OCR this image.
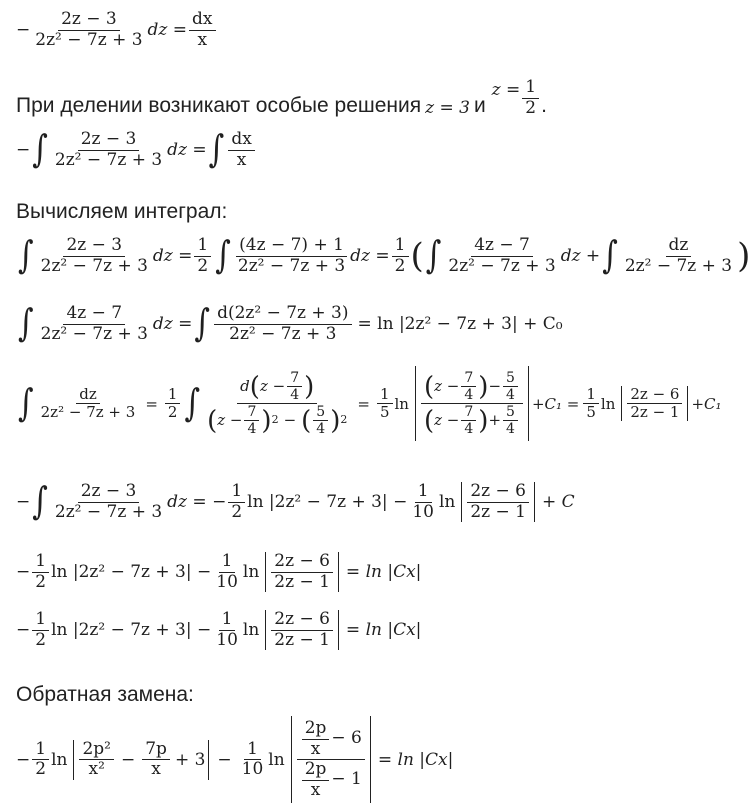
− $\frac{2z - 3}{\text{2z² − 7z + 3}}$ dz = $\frac{dx}{x}$
При делении возникают особые решения z = 3 и
$z = \frac{1}{2}$ .
− ∫ $\frac{2z - 3}{\text{2z² − 7z + 3}}$ dz = ∫ $\frac{dx}{x}$
Вычисляем интеграл:
∫ $\frac{2z - 3}{\text{2z² − 7z + 3}}$ dz = $\frac{1}{2}$ ∫ $\frac{(4z - 7) + 1}{\text{2z² − 7z + 3}}$ dz = $\frac{1}{2}$ ( ∫ $\frac{4z - 7}{\text{2z² − 7z + 3}}$ dz + ∫ $\frac{dz}{\text{2z² − 7z + 3}}$ )
∫ $\frac{4z - 7}{\text{2z² − 7z + 3}}$ dz = ∫ $\frac{\text{d(2z² − 7z + 3)}}{\text{2z² − 7z + 3}} = \ln |2z^2 - 7z + 3| + C_0$
∫ $\frac{dz}{\text{2z² − 7z + 3}} = \frac{1}{2}$ ∫ $\frac{d ( z - \frac{7}{4} )}{( z - \frac{7}{4} ) 2 - ( \frac{5}{4} ) 2} = \frac{1}{5}$ $\ln \frac{( z - \frac{7}{4} ) - \frac{5}{4}}{( z - \frac{7}{4} ) + \frac{5}{4}} +C_1 = \frac{1}{5}$ $\ln \frac{2z - 6}{2z - 1} +C_1$
− ∫ $\frac{2z - 3}{\text{2z² − 7z + 3}}$ dz = − $\frac{1}{2}$ $\ln |2z^2 - 7z + 3| - \frac{1}{10}$ $\ln \frac{2z - 6}{2z - 1} + C$
− $\frac{1}{2}$ $\ln |2z^2 - 7z + 3| - \frac{1}{10}$ $\ln \frac{2z - 6}{2z - 1} = \ln |Cx|$
− $\frac{1}{2}$ $\ln |2z^2 - 7z + 3| - \frac{1}{10}$ $\ln \frac{2z - 6}{2z - 1} = \ln |Cx|$
Обратная замена:
− $\frac{1}{2}$ $\ln \frac{\text{2p²}}{\text{x²}} - \frac{7p}{x} + 3 - \frac{1}{10}$ $\ln \frac{\frac{2p}{x} - 6}{\frac{2p}{x} - 1} = \ln |Cx|$
